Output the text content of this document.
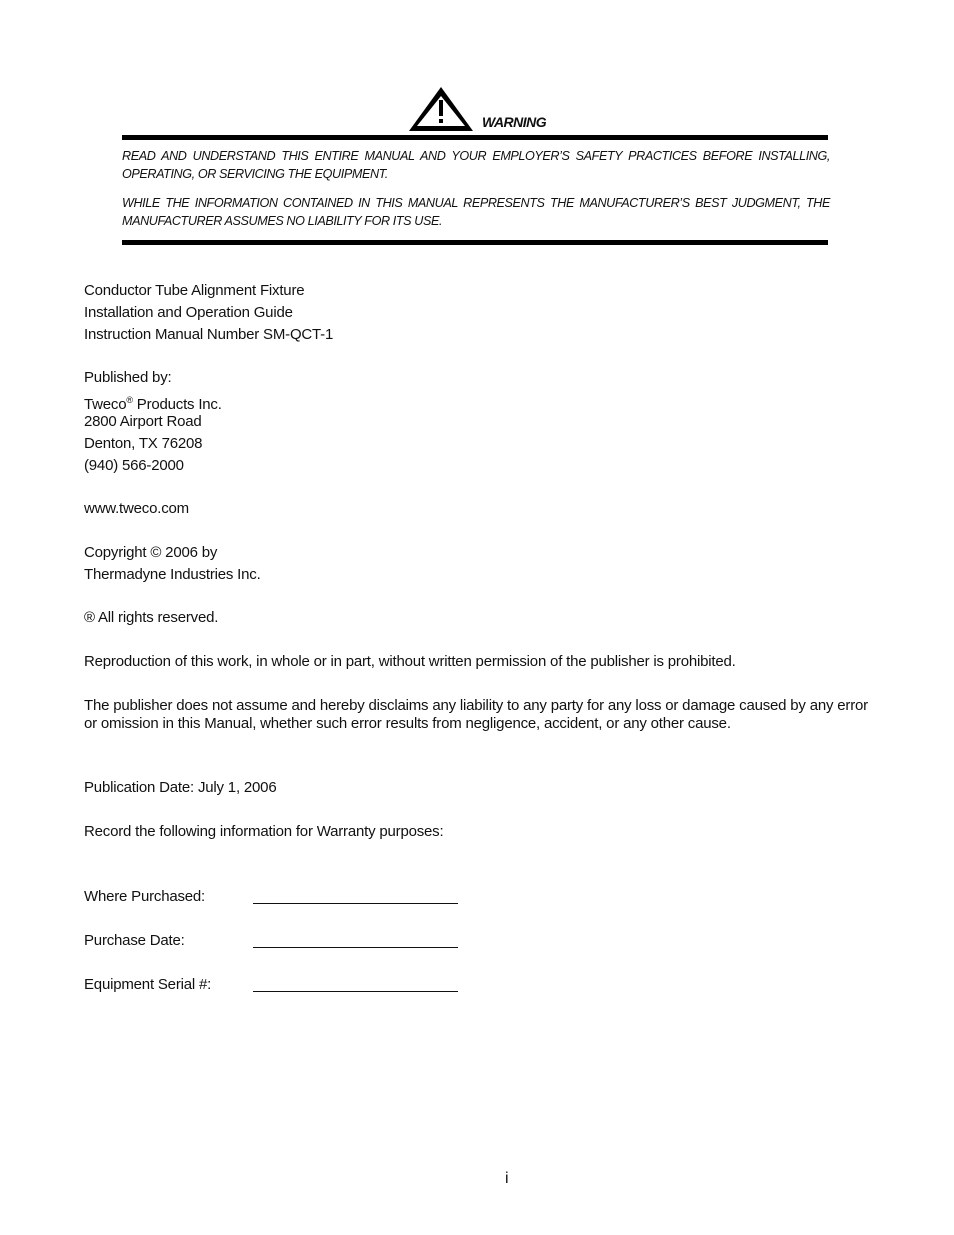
WARNING

READ AND UNDERSTAND THIS ENTIRE MANUAL AND YOUR EMPLOYER’S SAFETY PRACTICES BEFORE INSTALLING, OPERATING, OR SERVICING THE EQUIPMENT.

WHILE THE INFORMATION CONTAINED IN THIS MANUAL REPRESENTS THE MANUFACTURER’S BEST JUDGMENT, THE MANUFACTURER ASSUMES NO LIABILITY FOR ITS USE.

Conductor Tube Alignment Fixture

Installation and Operation Guide

Instruction Manual Number SM-QCT-1

Published by:

Tweco® Products Inc.

2800 Airport Road

Denton, TX 76208

(940) 566-2000

www.tweco.com

Copyright © 2006 by

Thermadyne Industries Inc.

® All rights reserved.

Reproduction of this work, in whole or in part, without written permission of the publisher is prohibited.

The publisher does not assume and hereby disclaims any liability to any party for any loss or damage caused by any error or omission in this Manual, whether such error results from negligence, accident, or any other cause.

Publication Date: July 1, 2006

Record the following information for Warranty purposes:

Where Purchased:
Purchase Date:
Equipment Serial #:
i
